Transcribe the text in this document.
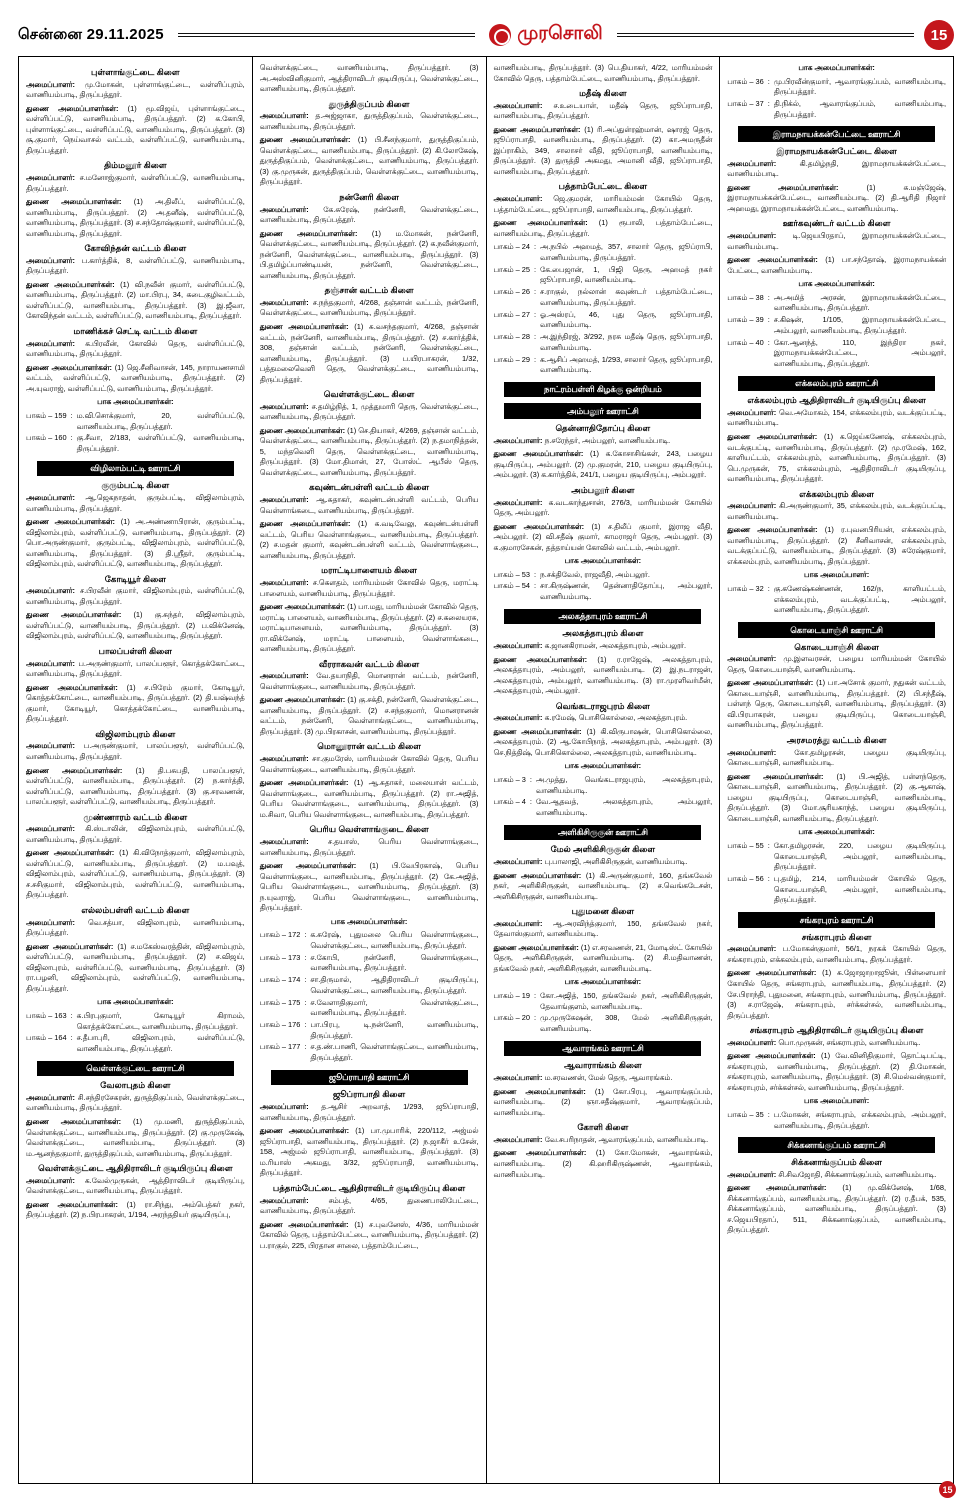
சென்னை 29.11.2025	முரசொலி	15
புள்ளாங்குட்டை கிளை

அமைப்பாளர்: மு.மோகன், புள்ளாங்குட்டை, வள்ளிப்புரம், வாணியம்பாடி, திருப்பத்தூர்.

துணை அமைப்பாளர்கள்: (1) மூ.விஜய், புள்ளாங்குட்டை, வள்ளிப்பட்டு, வாணியம்பாடி, திருப்பத்தூர். (2) க.கோபி, புள்ளாங்குட்டை, வள்ளிப்பட்டு, வாணியம்பாடி, திருப்பத்தூர். (3) சூ.குமார், நெய்வாசல் வட்டம், வள்ளிப்பட்டு, வாணியம்பாடி, திருப்பத்தூர்.

திம்மனூர் கிளை

அமைப்பாளர்: ச.மனோஜ்குமார், வள்ளிப்பட்டு, வாணியம்பாடி, திருப்பத்தூர்.

துணை அமைப்பாளர்கள்: (1) அ.திலீப், வள்ளிப்பட்டு, வாணியம்பாடி, திருப்பத்தூர். (2) அ.தனீஷ், வள்ளிப்பட்டு, வாணியம்பாடி, திருப்பத்தூர். (3) ச.சந்தோஷ்குமார், வள்ளிப்பட்டு, வாணியம்பாடி, திருப்பத்தூர்.

கோவிந்தன் வட்டம் கிளை

அமைப்பாளர்: ப.கார்த்திக், 8, வள்ளிப்பட்டு, வாணியம்பாடி, திருப்பத்தூர்.

துணை அமைப்பாளர்கள்: (1) வி.நவீன் குமார், வள்ளிப்பட்டு, வாணியம்பாடி, திருப்பத்தூர். (2) மா.பிரபு, 34, கடைகுழிவட்டம், வள்ளிப்பட்டு, வாணியம்பாடி, திருப்பத்தூர். (3) இ.ஜீவா, கோவிந்தன் வட்டம், வள்ளிப்பட்டு, வாணியம்பாடி, திருப்பத்தூர்.

மாணிக்கச் செட்டி வட்டம் கிளை

அமைப்பாளர்: க.பிரவீன், கோவில் தெரு, வள்ளிப்பட்டு, வாணியம்பாடி, திருப்பத்தூர்.

துணை அமைப்பாளர்கள்: (1) ஜெ.சீனிவாசன், 145, நாராயணசாமி வட்டம், வள்ளிப்பட்டு, வாணியம்பாடி, திருப்பத்தூர். (2) அ.யுவராஜ், வள்ளிப்பட்டு, வாணியம்பாடி, திருப்பத்தூர்.

பாக அமைப்பாளர்கள்:

பாகம் – 159 : ம.வி.சொக்குமார், 20, வள்ளிப்பட்டு, வாணியம்பாடி, திருப்பத்தூர்.
பாகம் – 160 : கு.சீவா, 2/183, வள்ளிப்பட்டு, வாணியம்பாடி, திருப்பத்தூர்.
விழிலாம்பட்டி ஊராட்சி
குரும்பட்டி கிளை

அமைப்பாளர்: ஆ.ஜெகநாதன், குரும்பட்டி, விஜிலாம்புரம், வாணியம்பாடி, திருப்பத்தூர்.

துணை அமைப்பாளர்கள்: (1) அ.அண்ணாபிரான், குரும்பட்டி, விஜிலாம்புரம், வள்ளிப்பட்டு, வாணியம்பாடி, திருப்பத்தூர். (2) பொ.அருண்குமார், குரும்பட்டி, விஜிலாம்புரம், வள்ளிப்பட்டு, வாணியம்பாடி, திருப்பத்தூர். (3) தி.ஸ்ரீதர், குரும்பட்டி, விஜிலாம்புரம், வள்ளிப்பட்டு, வாணியம்பாடி, திருப்பத்தூர்.

கோடியூர் கிளை

அமைப்பாளர்: ச.பிரவீன் குமார், விஜிலாம்புரம், வள்ளிப்பட்டு, வாணியம்பாடி, திருப்பத்தூர்.

துணை அமைப்பாளர்கள்: (1) கு.சுந்தர், விஜிலாம்புரம், வள்ளிப்பட்டு, வாணியம்பாடி, திருப்பத்தூர். (2) ப.விக்னேஷ், விஜிலாம்புரம், வள்ளிப்பட்டு, வாணியம்பாடி, திருப்பத்தூர்.

பாலப்பள்ளி கிளை

அமைப்பாளர்: ப.அருண்குமார், பாலப்பளூர், கொத்தக்கோட்டை, வாணியம்பாடி, திருப்பத்தூர்.

துணை அமைப்பாளர்கள்: (1) ச.பிரேம் குமார், கோடியூர், கொத்தக்கோட்டை, வாணியம்பாடி, திருப்பத்தூர். (2) தி.யஷ்வந்த் குமார், கோடியூர், கொத்தக்கோட்டை, வாணியம்பாடி, திருப்பத்தூர்.

விஜிலாம்புரம் கிளை

அமைப்பாளர்: ப.அருண்குமார், பாலப்பளூர், வள்ளிப்பட்டு, வாணியம்பாடி, திருப்பத்தூர்.

துணை அமைப்பாளர்கள்: (1) தி.பசுபதி, பாலப்பளூர், வள்ளிப்பட்டு, வாணியம்பாடி, திருப்பத்தூர். (2) ந.கார்த்தி, வள்ளிப்பட்டு, வாணியம்பாடி, திருப்பத்தூர். (3) கு.சரவணன், பாலப்பளூர், வள்ளிப்பட்டு, வாணியம்பாடி, திருப்பத்தூர்.

முண்ணாரம் வட்டம் கிளை

அமைப்பாளர்: கி.ஸ்டாலின், விஜிலாம்புரம், வள்ளிப்பட்டு, வாணியம்பாடி, திருப்பத்தூர்.

துணை அமைப்பாளர்கள்: (1) கி.விநோத்குமார், விஜிலாம்புரம், வள்ளிப்பட்டு, வாணியம்பாடி, திருப்பத்தூர். (2) ம.பவுத், விஜிலாம்புரம், வள்ளிப்பட்டு, வாணியம்பாடி, திருப்பத்தூர். (3) ச.சசிகுமார், விஜிலாம்புரம், வள்ளிப்பட்டு, வாணியம்பாடி, திருப்பத்தூர்.

எல்லம்பள்ளி வட்டம் கிளை

அமைப்பாளர்: வெ.சத்யா, விஜிலாபுரம், வாணியம்பாடி, திருப்பத்தூர்.

துணை அமைப்பாளர்கள்: (1) ச.மகேஸ்வரத்தின், விஜிலாம்புரம், வள்ளிப்பட்டு, வாணியம்பாடி, திருப்பத்தூர். (2) ச.விஜய், விஜிலாபுரம், வள்ளிப்பட்டு, வாணியம்பாடி, திருப்பத்தூர். (3) ரா.பழனி, விஜிலாம்புரம், வள்ளிப்பட்டு, வாணியம்பாடி, திருப்பத்தூர்.

பாக அமைப்பாளர்கள்:

பாகம் – 163 : க.பிரபுகுமார், கோடியூர் கிராமம், கொத்தக்கோட்டை, வாணியம்பாடி, திருப்பத்தூர்.
பாகம் – 164 : ச.தீபாபுரி, விஜிலாபுரம், வள்ளிப்பட்டு, வாணியம்பாடி, திருப்பத்தூர்.
வெள்ளக்குட்டை ஊராட்சி
வேலாபுதம் கிளை

அமைப்பாளர்: சி.சந்திரசேகரன், துருத்திகுப்பம், வெள்ளக்குட்டை, வாணியம்பாடி, திருப்பத்தூர்.

துணை அமைப்பாளர்கள்: (1) மு.மணி, துருத்திகுப்பம், வெள்ளக்குட்டை, வாணியம்பாடி, திருப்பத்தூர். (2) கு.முருகேஷ், வெள்ளக்குட்டை, வாணியம்பாடி, திருப்பத்தூர். (3) ம.ஆனந்தகுமார், துருத்திகுப்பம், வாணியம்பாடி, திருப்பத்தூர்.

வெள்ளக்குட்டை ஆதிதிராவிடர் குடியிருப்பு கிளை

அமைப்பாளர்: க.வேல்முருகன், ஆத்திராவிடர் குடியிருப்பு, வெள்ளக்குட்டை, வாணியம்பாடி, திருப்பத்தூர்.

துணை அமைப்பாளர்கள்: (1) ரா.சிந்து, அம்பெத்கர் நகர், திருப்பத்தூர். (2) ந.பிரபாகரன், 1/194, அரந்ததியர் குடியிருப்பு,

வெள்ளக்குட்டை, வாணியம்பாடி, திருப்பத்தூர். (3) அ.அஸ்வினிகுமார், ஆத்திராவிடர் குடியிருப்பு, வெள்ளக்குட்டை, வாணியம்பாடி, திருப்பத்தூர்.

துருத்திகுப்பம் கிளை

அமைப்பாளர்: த.அஜ்ஜாகா, துருத்திகுப்பம், வெள்ளக்குட்டை, வாணியம்பாடி, திருப்பத்தூர்.

துணை அமைப்பாளர்கள்: (1) பி.சீனந்குமார், துருத்திகுப்பம், வெள்ளக்குட்டை, வாணியம்பாடி, திருப்பத்தூர். (2) கி.லோகேஷ், துருத்திகுப்பம், வெள்ளக்குட்டை, வாணியம்பாடி, திருப்பத்தூர். (3) கு.முருகன், துருத்திகுப்பம், வெள்ளக்குட்டை, வாணியம்பாடி, திருப்பத்தூர்.

நன்னேரி கிளை

அமைப்பாளர்: கே.சுரேஷ், நன்னேரி, வெள்ளக்குட்டை, வாணியம்பாடி, திருப்பத்தூர்.

துணை அமைப்பாளர்கள்: (1) ம.மோகன், நன்னேரி, வெள்ளக்குட்டை, வாணியம்பாடி, திருப்பத்தூர். (2) க.நவீன்குமார், நன்னேரி, வெள்ளக்குட்டை, வாணியம்பாடி, திருப்பத்தூர். (3) பி.தமிழ்ப்பாண்டியன், நன்னேரி, வெள்ளக்குட்டை, வாணியம்பாடி, திருப்பத்தூர்.

தஞ்சான் வட்டம் கிளை

அமைப்பாளர்: ச.நந்தகுமார், 4/268, தஞ்சான் வட்டம், நன்னேரி, வெள்ளக்குட்டை, வாணியம்பாடி, திருப்பத்தூர்.

துணை அமைப்பாளர்கள்: (1) சு.வசந்தகுமார், 4/268, தஞ்சான் வட்டம், நன்னேரி, வாணியம்பாடி, திருப்பத்தூர். (2) ச.கார்த்திக், 308, தஞ்சான் வட்டம், நன்னேரி, வெள்ளக்குட்டை, வாணியம்பாடி, திருப்பத்தூர். (3) ப.யிரபாகரன், 1/32, பத்தமலைவெளி தெரு, வெள்ளக்குட்டை, வாணியம்பாடி, திருப்பத்தூர்.

வெள்ளக்குட்டை கிளை

அமைப்பாளர்: ச.தமிழ்நித், 1, முத்துமாரி தெரு, வெள்ளக்குட்டை, வாணியம்பாடி, திருப்பத்தூர்.

துணை அமைப்பாளர்கள்: (1) செ.தியாகர், 4/269, தஞ்சான் வட்டம், வெள்ளக்குட்டை, வாணியம்பாடி, திருப்பத்தூர். (2) ந.தமாநித்தன், 5, மந்தவெளி தெரு, வெள்ளக்குட்டை, வாணியம்பாடி, திருப்பத்தூர். (3) மோ.திமான், 27, போஸ்ட் ஆபீஸ் தெரு, வெள்ளக்குட்டை, வாணியம்பாடி, திருப்பத்தூர்.

கவுண்டன்பள்ளி வட்டம் கிளை

அமைப்பாளர்: ஆ.சுதாகர், கவுண்டன்பள்ளி வட்டம், பெரிய வெள்ளாங்கடை, வாணியம்பாடி, திருப்பத்தூர்.

துணை அமைப்பாளர்கள்: (1) க.வடிவேலு, கவுண்டன்பள்ளி வட்டம், பெரிய வெள்ளாங்குடை, வாணியம்பாடி, திருப்பத்தூர். (2) ச.மதன் குமார், கவுண்டன்பள்ளி வட்டம், வெள்ளாங்குடை, வாணியம்பாடி, திருப்பத்தூர்.

மராட்டிபாளையம் கிளை

அமைப்பாளர்: ச.கௌதம், மாரியம்மன் கோவில் தெரு, மராட்டி பாளையம், வாணியம்பாடி, திருப்பத்தூர்.

துணை அமைப்பாளர்கள்: (1) பா.மது, மாரியம்மன் கோவில் தெரு, மராட்டி பாளையம், வாணியம்பாடி, திருப்பத்தூர். (2) ச.கலையரசு, மராட்டிபாளையம், வாணியம்பாடி, திருப்பத்தூர். (3) ரா.விக்னேஷ், மராட்டி பாளையம், வெள்ளாங்கடை, வாணியம்பாடி, திருப்பத்தூர்.

வீரராகவன் வட்டம் கிளை

அமைப்பாளர்: வே.தயாநிதி, மொனரான் வட்டம், நன்னேரி, வெள்ளாங்குடை, வாணியம்பாடி, திருப்பத்தூர்.

துணை அமைப்பாளர்கள்: (1) கு.சக்தி, நன்னேரி, வெள்ளக்குட்டை, வாணியம்பாடி, திருப்பத்தூர். (2) ச.சந்தகுமார், மொனரானன் வட்டம், நன்னேரி, வெள்ளாங்குட்டை, வாணியம்பாடி, திருப்பத்தூர். (3) மு.பிரகாசன், வாணியம்பாடி, திருப்பத்தூர்.

மொனூரான் வட்டம் கிளை

அமைப்பாளர்: சா.குமரேஸ், மாரியம்மன் கோவில் தெரு, பெரிய வெள்ளாங்குடை, வாணியம்பாடி, திருப்பத்தூர்.

துணை அமைப்பாளர்கள்: (1) ஆ.சுதாகர், மலையான் வட்டம், வெள்ளாங்குடை, வாணியம்பாடி, திருப்பத்தூர். (2) ரா.அஜித், பெரிய வெள்ளாங்குடை, வாணியம்பாடி, திருப்பத்தூர். (3) ம.சிவா, பெரிய வெள்ளாங்குடை, வாணியம்பாடி, திருப்பத்தூர்.

பெரிய வெள்ளாங்குடை கிளை

அமைப்பாளர்: ச.தயாஸ், பெரிய வெள்ளாங்குடை, வாணியம்பாடி, திருப்பத்தூர்.

துணை அமைப்பாளர்கள்: (1) பி.வேபிரகாஷ், பெரிய வெள்ளாங்குடை, வாணியம்பாடி, திருப்பத்தூர். (2) கே.அஜித், பெரிய வெள்ளாங்குடை, வாணியம்பாடி, திருப்பத்தூர். (3) ந.யுவராஜ், பெரிய வெள்ளாங்குடை, வாணியம்பாடி, திருப்பத்தூர்.

பாக அமைப்பாளர்கள்:

பாகம் – 172 : க.சுரேஷ், புதுமலை பெரிய வெள்ளாங்குடை, வெள்ளக்குட்டை, வாணியம்பாடி, திருப்பத்தூர்.
பாகம் – 173 : ச.கோபி, நன்னேரி, வெள்ளாங்குடை, வாணியம்பாடி, திருப்பத்தூர்.
பாகம் – 174 : சா.திருமால், ஆதிதிராவிடர் குடியிருப்பு, வெள்ளக்குட்டை, வாணியம்பாடி, திருப்பத்தூர்.
பாகம் – 175 : ச.வேளாதிகுமார், வெள்ளக்குட்டை, வாணியம்பாடி, திருப்பத்தூர்.
பாகம் – 176 : பா.பிரபு, டி.நன்னேரி, வாணியம்பாடி, திருப்பத்தூர்.
பாகம் – 177 : ச.த.ண்.பாணி, வெள்ளாங்குட்டை, வாணியம்பாடி, திருப்பத்தூர்.
ஜூப்ராபாதி ஊராட்சி
ஜூப்ராபாதி கிளை

அமைப்பாளர்: த.ஆசிர் அறவாத், 1/293, ஜூப்ராபாதி, வாணியம்பாடி, திருப்பத்தூர்.

துணை அமைப்பாளர்கள்: (1) பா.முபாரிக், 220/112, அஜ்மல் ஜூப்ராபாதி, வாணியம்பாடி, திருப்பத்தூர். (2) ந.ஜாகீர் உசேன், 158, அஜ்மல் ஜூப்ராபாதி, வாணியம்பாடி, திருப்பத்தூர். (3) ம.ரியாஸ் அகமது, 3/32, ஜூப்ராபாதி, வாணியம்பாடி, திருப்பத்தூர்.

பத்தாம்பேட்டை ஆதிதிராவிடர் குடியிருப்பு கிளை

அமைப்பாளர்: சம்பத், 4/65, துணைபாலிபேட்டை, வாணியம்பாடி, திருப்பத்தூர்.

துணை அமைப்பாளர்கள்: (1) ச.புவனேஸ், 4/36, மாரியம்மன் கோவில் தெரு, பத்தாம்பேட்டை, வாணியம்பாடி, திருப்பத்தூர். (2) ப.ராகுல், 225, பிரதான சாலை, பத்தாம்பேட்டை,

வாணியம்பாடி, திருப்பத்தூர். (3) பெ.தியாகர், 4/22, மாரியம்மன் கோவில் தெரு, பத்தாம்பேட்டை, வாணியம்பாடி, திருப்பத்தூர்.

மதீஷ் கிளை

அமைப்பாளர்: ச.உடையாள், மதீஷ் தெரு, ஜூப்ராபாதி, வாணியம்பாடி, திருப்பத்தூர்.

துணை அமைப்பாளர்கள்: (1) ரி.அப்துள்ரஹ்மான், ஷாரஜ் தெரு, ஜூப்ராபாதி, வாணியம்பாடி, திருப்பத்தூர். (2) கா.அமருதீன் இப்ராகிம், 349, சாலாசர் வீதி, ஜூப்ராபாதி, வாணியம்பாடி, திருப்பத்தூர். (3) துருத்தி அகமது, அமானி வீதி, ஜூப்ராபாதி, வாணியம்பாடி, திருப்பத்தூர்.

பத்தாம்பேட்டை கிளை

அமைப்பாளர்: ஜெ.குமரன், மாரியம்மன் கோயில் தெரு, பத்தாம்பேட்டை, ஜூப்ராபாதி, வாணியம்பாடி, திருப்பத்தூர்.

துணை அமைப்பாளர்கள்: (1) ரூபாலி, பத்தாம்பேட்டை, வாணியம்பாடி, திருப்பத்தூர்.

பாகம் – 24 : அ.நபில் அஹமத், 357, சாலார் தெரு, ஜூப்ராபி, வாணியம்பாடி, திருப்பத்தூர்.
பாகம் – 25 : கே.பைஜான், 1, பிஜி தெரு, அஹமத் நகர் ஜூப்ராபாதி, வாணியம்பாடி.
பாகம் – 26 : ச.ராகுல், நல்லான் கவுண்டர் பத்தாம்பேட்டை, வாணியம்பாடி, திருப்பத்தூர்.
பாகம் – 27 : ஓ.அஸ்ரப், 46, புது தெரு, ஜூப்ராபாதி, வாணியம்பாடி.
பாகம் – 28 : அ.இந்திரஜ், 3/292, நரசு மதீஷ் தெரு, ஜூப்ராபாதி, வாணியம்பாடி.
பாகம் – 29 : க.ஆசிப் அஹமத், 1/293, சாலார் தெரு, ஜூப்ராபாதி, வாணியம்பாடி.
நாட்ரம்பள்ளி கிழக்கு ஒன்றியம்
அம்பலூர் ஊராட்சி
தென்னாதிதோப்பு கிளை

அமைப்பாளர்: ந.சரேந்தர், அம்பலூர், வாணியம்பாடி.

துணை அமைப்பாளர்கள்: (1) க.கோசாசிங்கள், 243, பழைய குடியிருப்பு, அம்பலூர். (2) மு.குமரன், 210, பழைய குடியிருப்பு, அம்பலூர். (3) க.கார்த்திக், 241/1, பழைய குடியிருப்பு, அம்பலூர்.

அம்பலூர் கிளை

அமைப்பாளர்: க.வடகாந்துசான், 276/3, மாரியம்மன் கோயில் தெரு, அம்பலூர்.

துணை அமைப்பாளர்கள்: (1) ச.திலீப் குமார், இராஜ வீதி, அம்பலூர். (2) வி.சதீஷ் குமார், காமராஜர் தெரு, அம்பலூர். (3) க.குமாரசேகன், தத்தாய்யன் கோவில் வட்டம், அம்பலூர்.

பாக அமைப்பாளர்கள்:

பாகம் – 53 : ந.சக்திவேல், ராஜவீதி, அம்பலூர்.
பாகம் – 54 : சா.கிருஷ்ணன், தென்னாதிதோப்பு, அம்பலூர், வாணியம்பாடி.
அலகத்தாபுரம் ஊராட்சி
அலகத்தாபுரம் கிளை

அமைப்பாளர்: க.ஜானகிராமன், அலகத்தாபுரம், அம்பலூர்.

துணை அமைப்பாளர்கள்: (1) ர.ராஜேஷ், அலகத்தாபுரம், அலகத்தாபுரம், அம்பலூர், வாணியம்பாடி. (2) இ.நடராஜன், அலகத்தாபுரம், அம்பலூர், வாணியம்பாடி. (3) ரா.முரளிவர்மீன், அலகத்தாபுரம், அம்பலூர்.

வெங்கடராஜபுரம் கிளை

அமைப்பாளர்: க.ரமேஷ், பொசிகொல்லை, அலகத்தாபுரம்.

துணை அமைப்பாளர்கள்: (1) கி.விருபாஷன், பொசிகொல்லை, அலகத்தாபுரம். (2) ஆ.கோபிநாத், அலகத்தாபுரம், அம்பலூர். (3) செ.நித்திஷ், பொசிகொல்லை, அலகத்தாபுரம், வாணியம்பாடி.

பாக அமைப்பாளர்கள்:

பாகம் – 3 : அ.முத்து, வெங்கடராஜபுரம், அலகத்தாபுரம், வாணியம்பாடி.
பாகம் – 4 : வே.ஆதவத், அலகத்தாபுரம், அம்பலூர், வாணியம்பாடி.
அளிகிசிருகுன் ஊராட்சி
மேல் அளிகிசிருகுன் கிளை

அமைப்பாளர்: பு.பாலாஜி, அளிகிசிருகுன், வாணியம்பாடி.

துணை அமைப்பாளர்கள்: (1) கி.அருண்குமார், 160, தங்கவேல் நகர், அளிகிசிருகுன், வாணியம்பாடி. (2) ச.வெங்கடேசன், அளிகிசிருகுன், வாணியம்பாடி.

புதுமனை கிளை

அமைப்பாளர்: ஆ.அரவிந்த்குமார், 150, தங்கவேல் நகர், தேவாஸ்குமார், வாணியம்பாடி.

துணை அமைப்பாளர்கள்: (1) எ.சரவணன், 21, மோடிஸ்ட் கோயில் தெரு, அளிகிசிருகுன், வாணியம்பாடி. (2) சி.மதிவாணன், தங்கவேல் நகர், அளிகிசிருகுன், வாணியம்பாடி.

பாக அமைப்பாளர்கள்:

பாகம் – 19 : கோ.அஜித், 150, தங்கவேல் நகர், அளிகிசிருகுன், தேவாங்குளம், வாணியம்பாடி.
பாகம் – 20 : மு.முருகேஷன், 308, மேல் அளிகிசிருகுன், வாணியம்பாடி.
ஆவாரங்கம் ஊராட்சி
ஆவாராங்கம் கிளை

அமைப்பாளர்: ம.சரவணன், மேல் தெரு, ஆவாரங்கம்.

துணை அமைப்பாளர்கள்: (1) கோ.பிரபு, ஆவாரங்குப்பம், வாணியம்பாடி. (2) ஞா.சதீஷ்குமார், ஆவாரங்குப்பம், வாணியம்பாடி.

கோளி கிளை

அமைப்பாளர்: வே.சபரிநாதன், ஆவாரங்குப்பம், வாணியம்பாடி.

துணை அமைப்பாளர்கள்: (1) கோ.மோகன், ஆவாரங்கம், வாணியம்பாடி. (2) கி.ஹரிகிருஷ்ணன், ஆவாரங்கம், வாணியம்பாடி.

பாக அமைப்பாளர்கள்:

பாகம் – 36 : மு.பிரவீன்குமார், ஆவாரங்குப்பம், வாணியம்பாடி, திருப்பத்தூர்.
பாகம் – 37 : தி.நிக்ல், ஆவாரங்குப்பம், வாணியம்பாடி, திருப்பத்தூர்.
இராமநாயக்கன்பேட்டை ஊராட்சி
இராமநாயக்கன்பேட்டை கிளை

அமைப்பாளர்: கி.தமிழ்நதி, இராமநாயக்கன்பேட்டை, வாணியம்பாடி.

துணை அமைப்பாளர்கள்: (1) சு.மஞ்ஜேஷ், இராமநாயக்கன்பேட்டை, வாணியம்பாடி. (2) தி.ஆரிதி நிஜார் அஹமது, இராமநாயக்கன்பேட்டை, வாணியம்பாடி.

ஊர்கவுண்டர் வட்டம் கிளை

அமைப்பாளர்: டி.ஜெயபிரதாப், இராமநாயக்கன்பேட்டை, வாணியம்பாடி.

துணை அமைப்பாளர்கள்: (1) பா.சந்தோஷ், இராமநாயக்கன் பேட்டை, வாணியம்பாடி.

பாக அமைப்பாளர்கள்:

பாகம் – 38 : அ.அமித் அரசன், இராமநாயக்கன்பேட்டை, வாணியம்பாடி, திருப்பத்தூர்.
பாகம் – 39 : ச.கிஷன், 1/105, இராமநாயக்கன்பேட்டை, அம்பலூர், வாணியம்பாடி, திருப்பத்தூர்.
பாகம் – 40 : கோ.ஆனந்த், 110, இந்திரா நகர், இராமநாயக்கன்பேட்டை, அம்பலூர், வாணியம்பாடி, திருப்பத்தூர்.
எக்கலம்புரம் ஊராட்சி
எக்கலம்புரம் ஆதிதிராவிடர் குடியிருப்பு கிளை

அமைப்பாளர்: வெ.அமோகம், 154, எக்கலம்புரம், வடக்குப்பட்டி, வாணியம்பாடி.

துணை அமைப்பாளர்கள்: (1) க.ஜெய்கணேஷ், எக்கலம்புரம், வடக்குபட்டி, வாணியம்பாடி, திருப்பத்தூர். (2) மு.ரமேஷ், 162, காளியட்டம், எக்கலம்புரம், வாணியம்பாடி, திருப்பத்தூர். (3) பெ.முருகன், 75, எக்கலம்புரம், ஆதிதிராவிடர் குடியிருப்பு, வாணியம்பாடி, திருப்பத்தூர்.

எக்கலம்புரம் கிளை

அமைப்பாளர்: கி.அருண்குமார், 35, எக்கலம்புரம், வடக்குப்பட்டி, வாணியம்பாடி.

துணை அமைப்பாளர்கள்: (1) ர.புவனபிரியன், எக்கலம்புரம், வாணியம்பாடி, திருப்பத்தூர். (2) சீனிவாசன், எக்கலம்புரம், வடக்குப்பட்டு, வாணியம்பாடி, திருப்பத்தூர். (3) சுரேஷ்குமார், எக்கலம்புரம், வாணியம்பாடி, திருப்பத்தூர்.

பாக அமைப்பாளர்:

பாகம் – 32 : கு.கணேஷ்கண்ணன், 162/ந, காளியட்டம், எக்கலம்புரம், வடக்குப்பட்டி, அம்பலூர், வாணியம்பாடி, திருப்பத்தூர்.
கொடையாஞ்சி ஊராட்சி
கொடையாஞ்சி கிளை

அமைப்பாளர்: மு.இளவரசன், பழைய மாரியம்மன் கோயில் தெரு, கொடையாஞ்சி, வாணியம்பாடி.

துணை அமைப்பாளர்கள்: (1) பா.அசோக் குமார், நதுகன் வட்டம், கொடையாஞ்சி, வாணியம்பாடி, திருப்பத்தூர். (2) பி.சந்தீஷ், பள்ளந் தெரு, கொடையாஞ்சி, வாணியம்பாடி, திருப்பத்தூர். (3) வி.பிரபாகரன், பழைய குடியிருப்பு, கொடையாஞ்சி, வாணியம்பாடி, திருப்பத்தூர்.

அரசமரத்து வட்டம் கிளை

அமைப்பாளர்: கோ.தமிழரசன், பழைய குடியிருப்பு, கொடையாஞ்சி, வாணியம்பாடி.

துணை அமைப்பாளர்கள்: (1) பி.அஜித், பள்ளந்தெரு, கொடையாஞ்சி, வாணியம்பாடி, திருப்பத்தூர். (2) கு.ஆகாஷ், பழைய குடியிருப்பு, கொடையாஞ்சி, வாணியம்பாடி, திருப்பத்தூர். (3) மோ.சூரியகாந்த், பழைய குடியிருப்பு, கொடையாஞ்சி, வாணியம்பாடி, திருப்பத்தூர்.

பாக அமைப்பாளர்கள்:

பாகம் – 55 : கோ.தமிழரசன், 220, பழைய குடியிருப்பு, கொடையாஞ்சி, அம்பலூர், வாணியம்பாடி, திருப்பத்தூர்.
பாகம் – 56 : பு.தமிழ், 214, மாரியம்மன் கோயில் தெரு, கொடையாஞ்சி, அம்பலூர், வாணியம்பாடி, திருப்பத்தூர்.
சங்கரபுரம் ஊராட்சி
சங்கராபுரம் கிளை

அமைப்பாளர்: ப.மோகன்குமார், 56/1, நரகக் கோயில் தெரு, சங்கராபுரம், எக்கலம்புரம், வாணியம்பாடி, திருப்பத்தூர்.

துணை அமைப்பாளர்கள்: (1) சு.ஜோஜாறாஜூன், பிள்ளையார் கோயில் தெரு, சங்கராபுரம், வாணியம்பாடி, திருப்பத்தூர். (2) சே.பிராந்தி, புதுமனை, சங்கராபுரம், வாணியம்பாடி, திருப்பத்தூர். (3) ச.ராஜேஷ், சங்கராபுரம், சர்க்கள்சல், வாணியம்பாடி, திருப்பத்தூர்.

சங்கராபுரம் ஆதிதிராவிடர் குடியிருப்பு கிளை

அமைப்பாளர்: பொ.முருகன், சங்கராபுரம், வாணியம்பாடி.

துணை அமைப்பாளர்கள்: (1) வே.வினிதிகுமார், தொட்டிபட்டி, சங்கராபுரம், வாணியம்பாடி, திருப்பத்தூர். (2) தி.மோகன், சங்கராபுரம், வாணியம்பாடி, திருப்பத்தூர். (3) சி.மெல்வன்குமார், சங்கராபுரம், சர்க்கள்சல், வாணியம்பாடி, திருப்பத்தூர்.

பாக அமைப்பாளர்:

பாகம் – 35 : ப.மோகன், சங்கராபுரம், எக்கலம்புரம், அம்பலூர், வாணியம்பாடி, திருப்பத்தூர்.
சிக்கனாங்குப்பம் ஊராட்சி
சிக்கனாங்குப்பம் கிளை

அமைப்பாளர்: சி.சிவஜோதி, சிக்கனாங்குப்பம், வாணியம்பாடி.

துணை அமைப்பாளர்கள்: (1) மு.விக்னேஷ், 1/68, சிக்கனாங்குப்பம், வாணியம்பாடி, திருப்பத்தூர். (2) ர.தீபக், 535, சிக்கனாங்குப்பம், வாணியம்பாடி, திருப்பத்தூர். (3) ச.ஜெயபிரதாப், 511, சிக்கனாங்குப்பம், வாணியம்பாடி, திருப்பத்தூர்.

15
